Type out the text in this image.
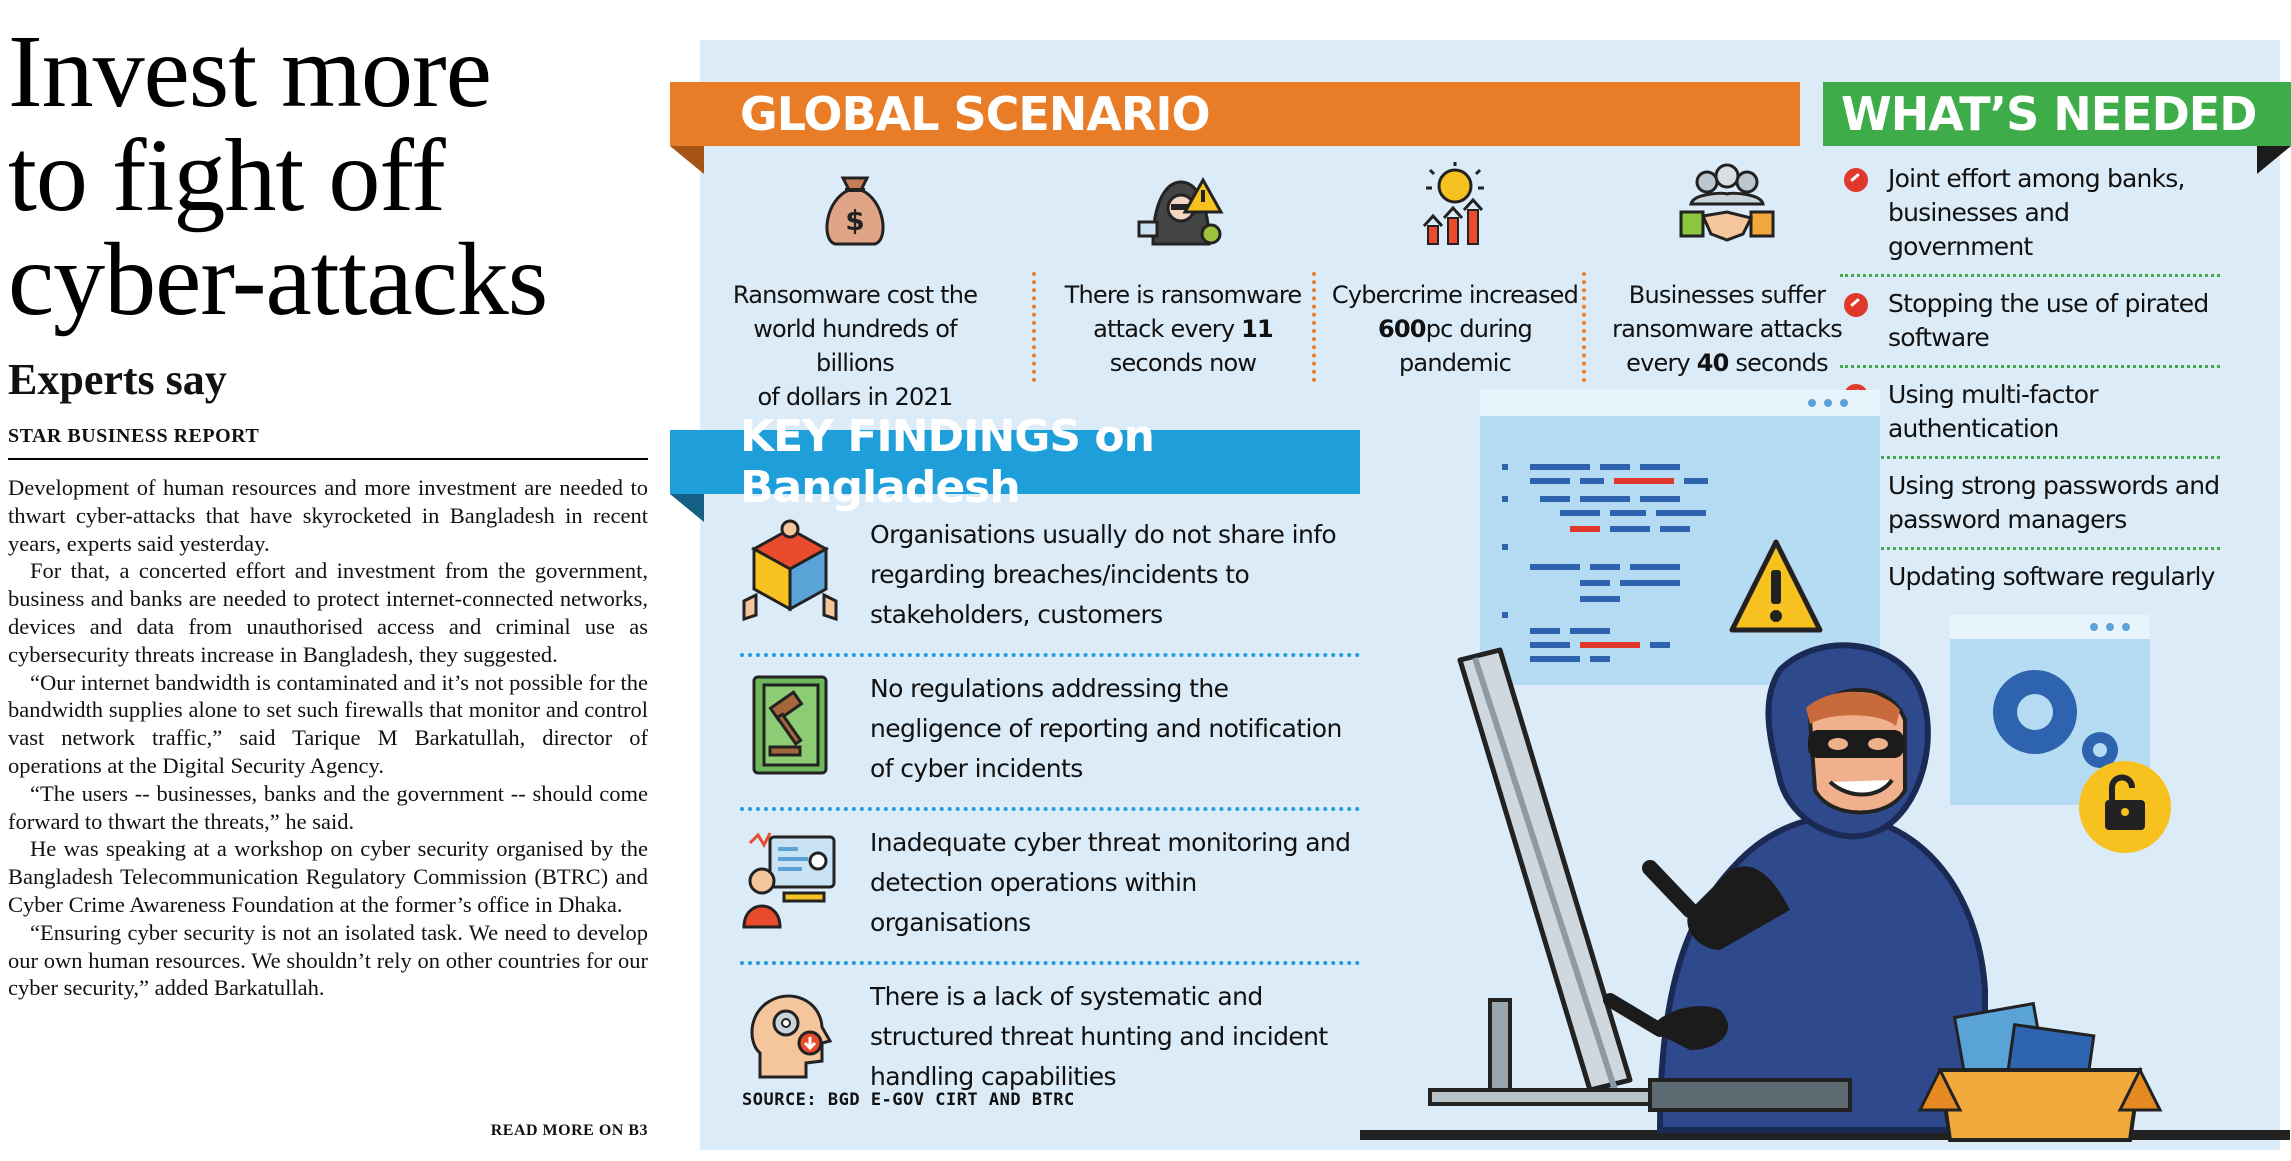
Invest more
to fight off
cyber-attacks
Experts say
STAR BUSINESS REPORT

Development of human resources and more investment are needed to thwart cyber-attacks that have skyrocketed in Bangladesh in recent years, experts said yesterday.

For that, a concerted effort and investment from the government, business and banks are needed to protect internet-connected networks, devices and data from unauthorised access and criminal use as cybersecurity threats increase in Bangladesh, they suggested.

“Our internet bandwidth is contaminated and it’s not possible for the bandwidth supplies alone to set such firewalls that monitor and control vast network traffic,” said Tarique M Barkatullah, director of operations at the Digital Security Agency.

“The users -- businesses, banks and the government -- should come forward to thwart the threats,” he said.

He was speaking at a workshop on cyber security organised by the Bangladesh Telecommunication Regulatory Commission (BTRC) and Cyber Crime Awareness Foundation at the former’s office in Dhaka.

“Ensuring cyber security is not an isolated task. We need to develop our own human resources. We shouldn’t rely on other countries for our cyber security,” added Barkatullah.

READ MORE ON B3
GLOBAL SCENARIO	WHAT’S NEEDED
$
Ransomware cost the
world hundreds of billions
of dollars in 2021
There is ransomware
attack every 11
seconds now
Cybercrime increased
600pc during
pandemic
Businesses suffer
ransomware attacks
every 40 seconds
Joint effort among banks, businesses and government
Stopping the use of pirated software
Using multi-factor authentication
Using strong passwords and password managers
Updating software regularly
KEY FINDINGS on Bangladesh
Organisations usually do not share info regarding breaches/incidents to stakeholders, customers
No regulations addressing the negligence of reporting and notification of cyber incidents
Inadequate cyber threat monitoring and detection operations within organisations
There is a lack of systematic and structured threat hunting and incident handling capabilities
SOURCE: BGD E-GOV CIRT AND BTRC
